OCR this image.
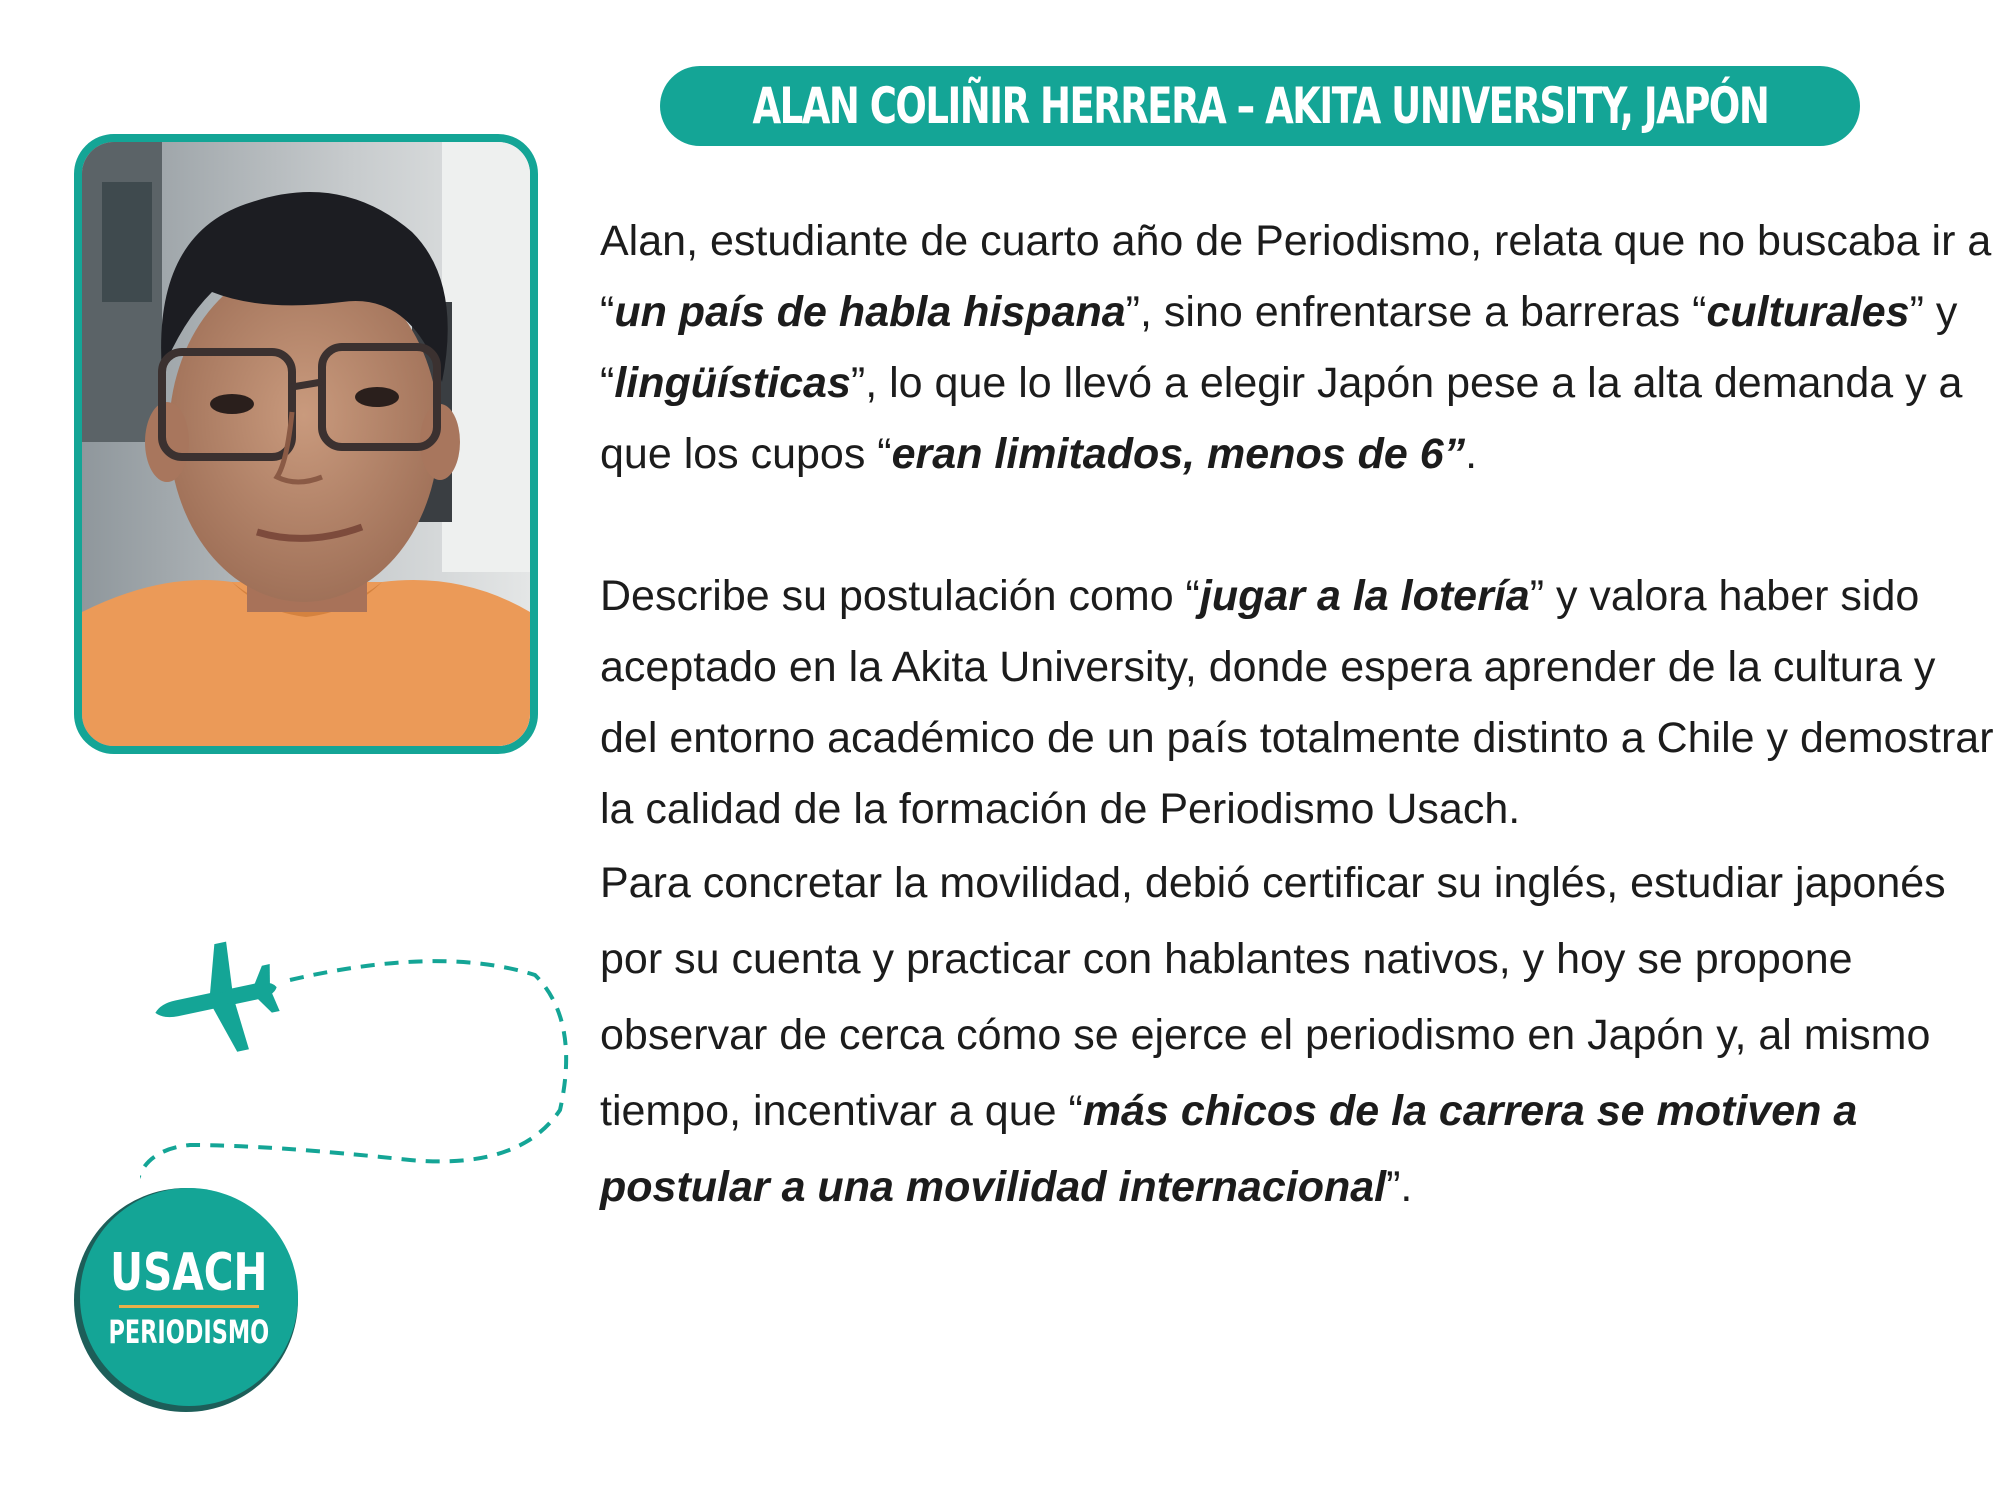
ALAN COLIÑIR HERRERA – AKITA UNIVERSITY, JAPÓN

Alan, estudiante de cuarto año de Periodismo, relata que no buscaba ir a “un país de habla hispana”, sino enfrentarse a barreras “culturales” y “lingüísticas”, lo que lo llevó a elegir Japón pese a la alta demanda y a que los cupos “eran limitados, menos de 6”.

Describe su postulación como “jugar a la lotería” y valora haber sido aceptado en la Akita University, donde espera aprender de la cultura y del entorno académico de un país totalmente distinto a Chile y demostrar la calidad de la formación de Periodismo Usach.

Para concretar la movilidad, debió certificar su inglés, estudiar japonés por su cuenta y practicar con hablantes nativos, y hoy se propone observar de cerca cómo se ejerce el periodismo en Japón y, al mismo tiempo, incentivar a que “más chicos de la carrera se motiven a postular a una movilidad internacional”.

USACH
PERIODISMO
